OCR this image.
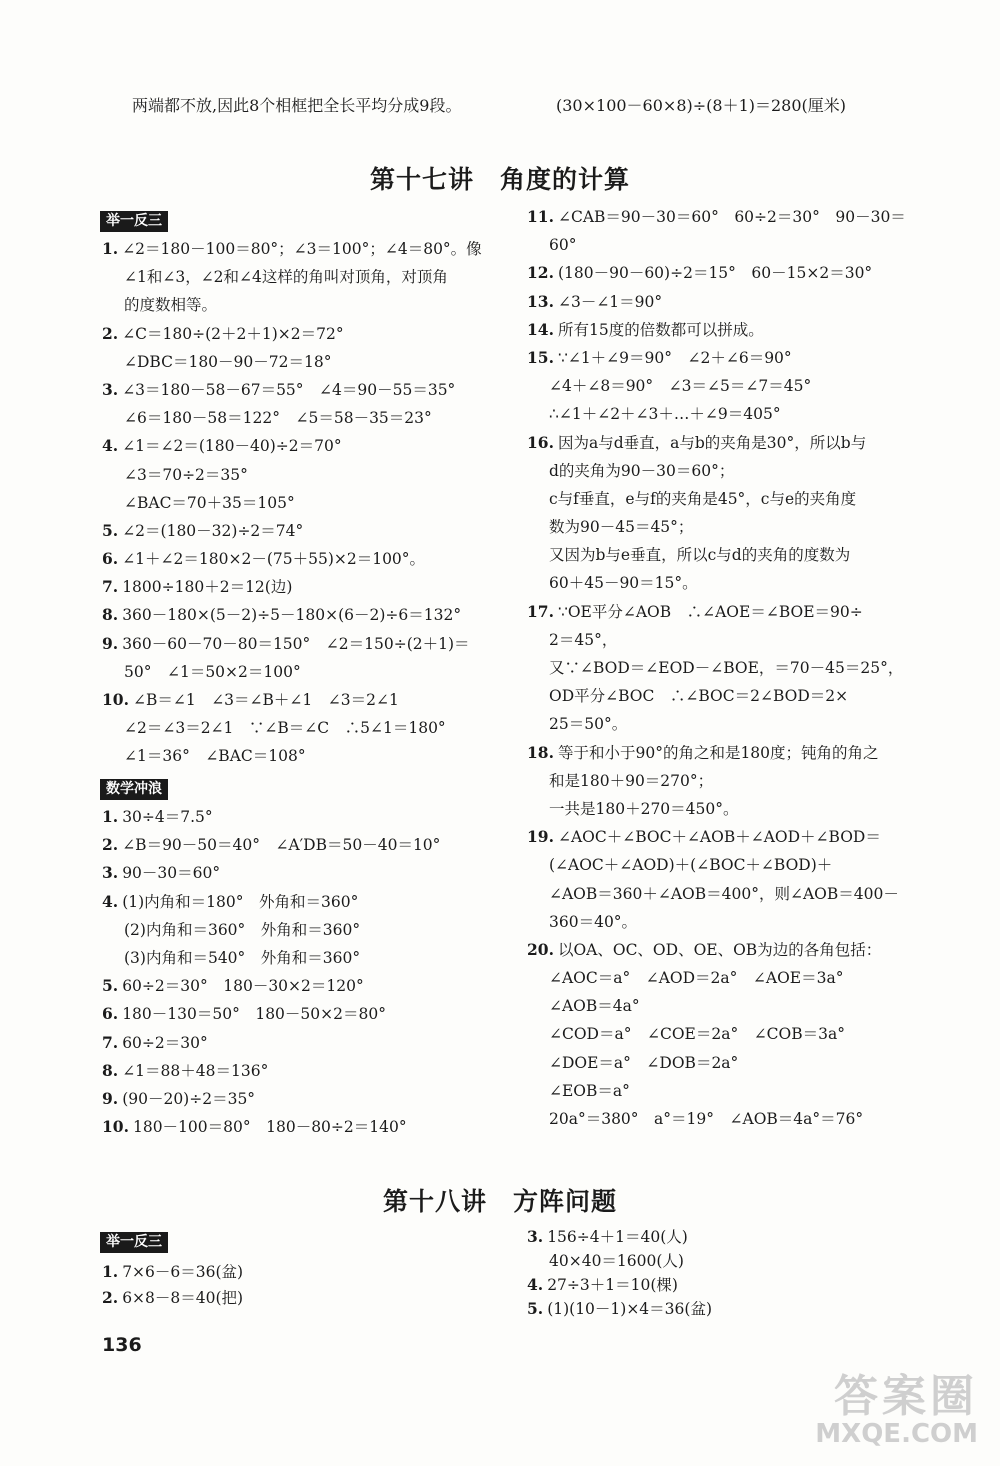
两端都不放,因此8个相框把全长平均分成9段。	(30×100－60×8)÷(8＋1)＝280(厘米)
第十七讲　角度的计算
举一反三
1. ∠2＝180－100＝80°；∠3＝100°；∠4＝80°。像
∠1和∠3，∠2和∠4这样的角叫对顶角，对顶角
的度数相等。
2. ∠C＝180÷(2＋2＋1)×2＝72°
∠DBC＝180－90－72＝18°
3. ∠3＝180－58－67＝55°　∠4＝90－55＝35°
∠6＝180－58＝122°　∠5＝58－35＝23°
4. ∠1＝∠2＝(180－40)÷2＝70°
∠3＝70÷2＝35°
∠BAC＝70＋35＝105°
5. ∠2＝(180－32)÷2＝74°
6. ∠1＋∠2＝180×2－(75＋55)×2＝100°。
7. 1800÷180＋2＝12(边)
8. 360－180×(5－2)÷5－180×(6－2)÷6＝132°
9. 360－60－70－80＝150°　∠2＝150÷(2＋1)＝
50°　∠1＝50×2＝100°
10. ∠B＝∠1　∠3＝∠B＋∠1　∠3＝2∠1
∠2＝∠3＝2∠1　∵∠B＝∠C　∴5∠1＝180°
∠1＝36°　∠BAC＝108°
数学冲浪
1. 30÷4＝7.5°
2. ∠B＝90－50＝40°　∠A′DB＝50－40＝10°
3. 90－30＝60°
4. (1)内角和＝180°　外角和＝360°
(2)内角和＝360°　外角和＝360°
(3)内角和＝540°　外角和＝360°
5. 60÷2＝30°　180－30×2＝120°
6. 180－130＝50°　180－50×2＝80°
7. 60÷2＝30°
8. ∠1＝88＋48＝136°
9. (90－20)÷2＝35°
10. 180－100＝80°　180－80÷2＝140°
11. ∠CAB＝90－30＝60°　60÷2＝30°　90－30＝
60°
12. (180－90－60)÷2＝15°　60－15×2＝30°
13. ∠3－∠1＝90°
14. 所有15度的倍数都可以拼成。
15. ∵∠1＋∠9＝90°　∠2＋∠6＝90°
∠4＋∠8＝90°　∠3＝∠5＝∠7＝45°
∴∠1＋∠2＋∠3＋…＋∠9＝405°
16. 因为a与d垂直，a与b的夹角是30°，所以b与
d的夹角为90－30＝60°；
c与f垂直，e与f的夹角是45°，c与e的夹角度
数为90－45＝45°；
又因为b与e垂直，所以c与d的夹角的度数为
60＋45－90＝15°。
17. ∵OE平分∠AOB　∴∠AOE＝∠BOE＝90÷
2＝45°，
又∵∠BOD＝∠EOD－∠BOE，＝70－45＝25°，
OD平分∠BOC　∴∠BOC＝2∠BOD＝2×
25＝50°。
18. 等于和小于90°的角之和是180度；钝角的角之
和是180＋90＝270°；
一共是180＋270＝450°。
19. ∠AOC＋∠BOC＋∠AOB＋∠AOD＋∠BOD＝
(∠AOC＋∠AOD)＋(∠BOC＋∠BOD)＋
∠AOB＝360＋∠AOB＝400°，则∠AOB＝400－
360＝40°。
20. 以OA、OC、OD、OE、OB为边的各角包括：
∠AOC＝a°　∠AOD＝2a°　∠AOE＝3a°
∠AOB＝4a°
∠COD＝a°　∠COE＝2a°　∠COB＝3a°
∠DOE＝a°　∠DOB＝2a°
∠EOB＝a°
20a°＝380°　a°＝19°　∠AOB＝4a°＝76°
第十八讲　方阵问题
举一反三
1. 7×6－6＝36(盆)
2. 6×8－8＝40(把)
3. 156÷4＋1＝40(人)
40×40＝1600(人)
4. 27÷3＋1＝10(棵)
5. (1)(10－1)×4＝36(盆)
136
答案圈
MXQE.COM
